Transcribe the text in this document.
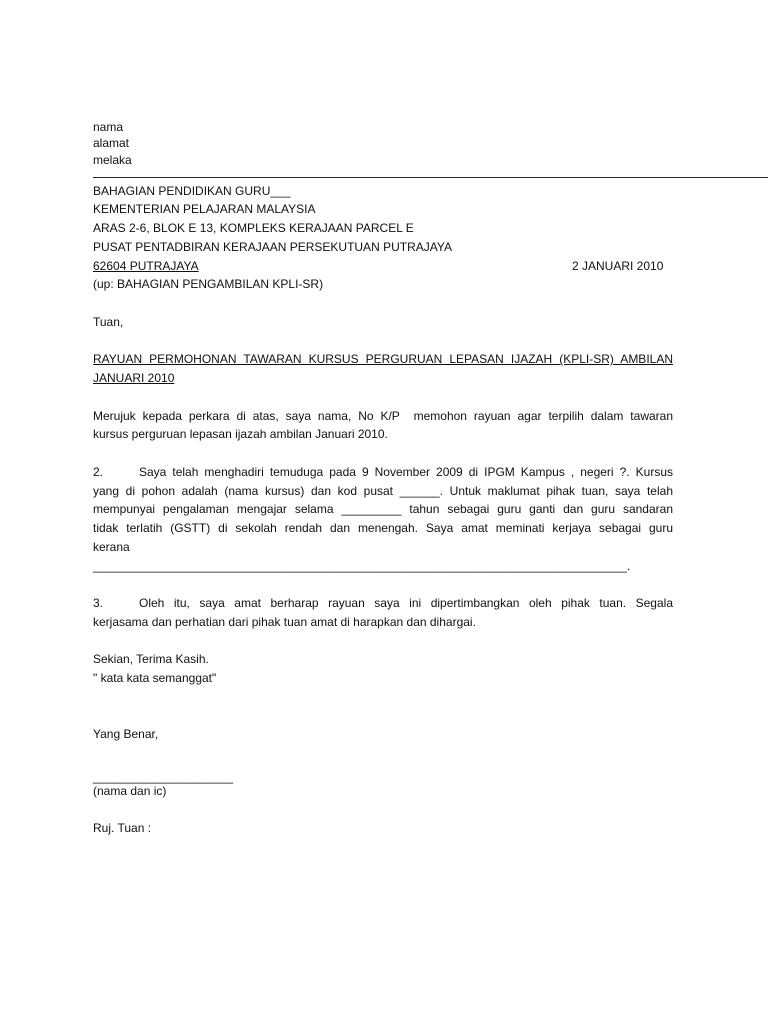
nama
alamat
melaka
BAHAGIAN PENDIDIKAN GURU___
KEMENTERIAN PELAJARAN MALAYSIA
ARAS 2-6, BLOK E 13, KOMPLEKS KERAJAAN PARCEL E
PUSAT PENTADBIRAN KERAJAAN PERSEKUTUAN PUTRAJAYA
62604 PUTRAJAYA	2 JANUARI 2010
(up: BAHAGIAN PENGAMBILAN KPLI-SR)
Tuan,
RAYUAN PERMOHONAN TAWARAN KURSUS PERGURUAN LEPASAN IJAZAH (KPLI-SR) AMBILAN
JANUARI 2010
Merujuk kepada perkara di atas, saya nama, No K/P  memohon rayuan agar terpilih dalam tawaran
kursus perguruan lepasan ijazah ambilan Januari 2010.
2.	Saya telah menghadiri temuduga pada 9 November 2009 di IPGM Kampus , negeri ?. Kursus
yang di pohon adalah (nama kursus) dan kod pusat ______. Untuk maklumat pihak tuan, saya telah
mempunyai pengalaman mengajar selama _________ tahun sebagai guru ganti dan guru sandaran
tidak terlatih (GSTT) di sekolah rendah dan menengah. Saya amat meminati kerjaya sebagai guru
kerana
________________________________________________________________________________.
3.	Oleh itu, saya amat berharap rayuan saya ini dipertimbangkan oleh pihak tuan. Segala
kerjasama dan perhatian dari pihak tuan amat di harapkan dan dihargai.
Sekian, Terima Kasih.
" kata kata semanggat"
Yang Benar,
_____________________
(nama dan ic)
Ruj. Tuan :
